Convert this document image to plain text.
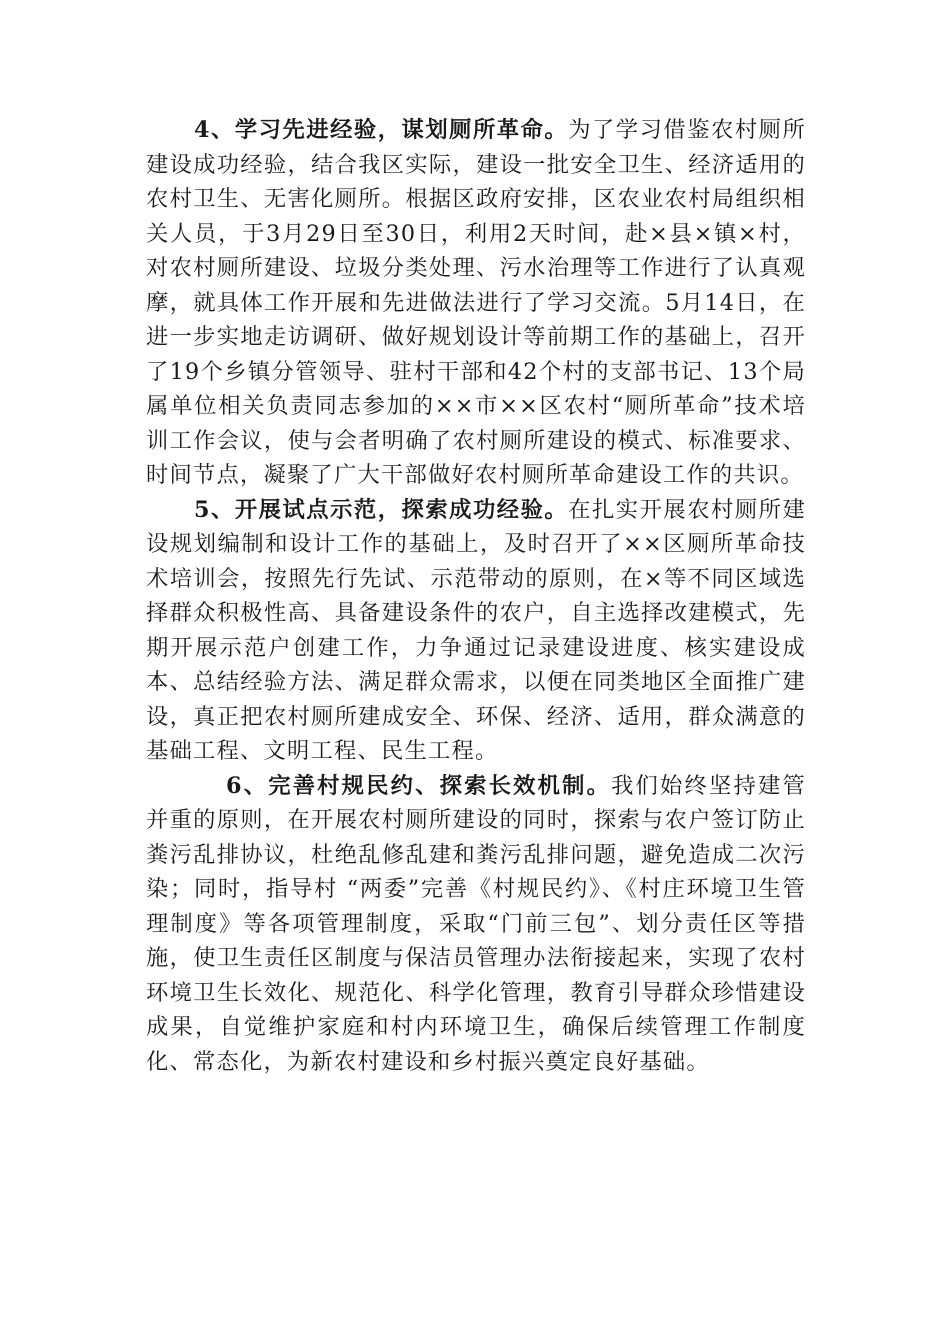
4、学习先进经验，谋划厕所革命。为了学习借鉴农村厕所建设成功经验，结合我区实际，建设一批安全卫生、经济适用的农村卫生、无害化厕所。根据区政府安排，区农业农村局组织相关人员，于3月29日至30日，利用2天时间，赴×县×镇×村，对农村厕所建设、垃圾分类处理、污水治理等工作进行了认真观摩，就具体工作开展和先进做法进行了学习交流。5月14日，在进一步实地走访调研、做好规划设计等前期工作的基础上，召开了19个乡镇分管领导、驻村干部和42个村的支部书记、13个局属单位相关负责同志参加的××市××区农村“厕所革命”技术培训工作会议，使与会者明确了农村厕所建设的模式、标准要求、时间节点，凝聚了广大干部做好农村厕所革命建设工作的共识。

5、开展试点示范，探索成功经验。在扎实开展农村厕所建设规划编制和设计工作的基础上，及时召开了××区厕所革命技术培训会，按照先行先试、示范带动的原则，在×等不同区域选择群众积极性高、具备建设条件的农户，自主选择改建模式，先期开展示范户创建工作，力争通过记录建设进度、核实建设成本、总结经验方法、满足群众需求，以便在同类地区全面推广建设，真正把农村厕所建成安全、环保、经济、适用，群众满意的基础工程、文明工程、民生工程。

6、完善村规民约、探索长效机制。我们始终坚持建管并重的原则，在开展农村厕所建设的同时，探索与农户签订防止粪污乱排协议，杜绝乱修乱建和粪污乱排问题，避免造成二次污染；同时，指导村 “两委”完善《村规民约》、《村庄环境卫生管理制度》等各项管理制度，采取“门前三包”、划分责任区等措施，使卫生责任区制度与保洁员管理办法衔接起来，实现了农村环境卫生长效化、规范化、科学化管理，教育引导群众珍惜建设成果，自觉维护家庭和村内环境卫生，确保后续管理工作制度化、常态化，为新农村建设和乡村振兴奠定良好基础。
